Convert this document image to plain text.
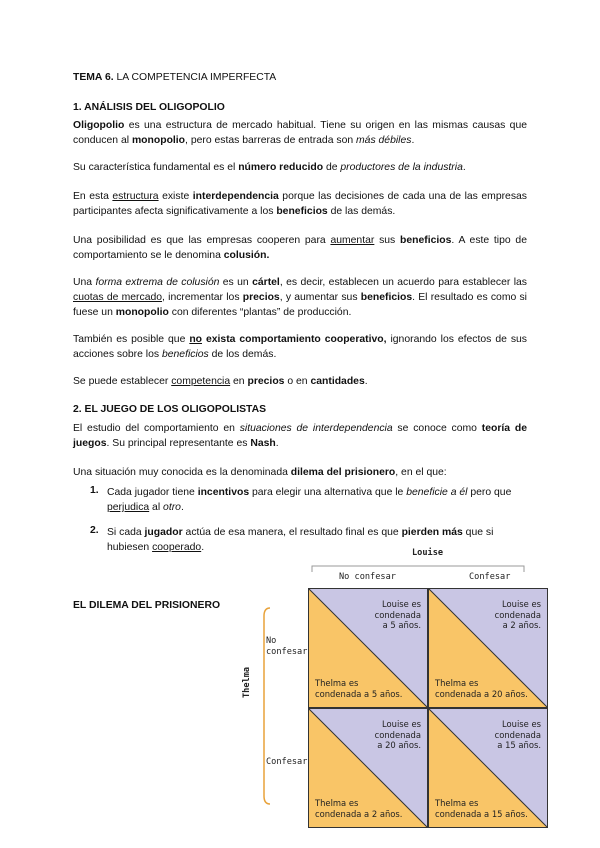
TEMA 6. LA COMPETENCIA IMPERFECTA

1. ANÁLISIS DEL OLIGOPOLIO

Oligopolio es una estructura de mercado habitual. Tiene su origen en las mismas causas que conducen al monopolio, pero estas barreras de entrada son más débiles.

Su característica fundamental es el número reducido de productores de la industria.

En esta estructura existe interdependencia porque las decisiones de cada una de las empresas participantes afecta significativamente a los beneficios de las demás.

Una posibilidad es que las empresas cooperen para aumentar sus beneficios. A este tipo de comportamiento se le denomina colusión.

Una forma extrema de colusión es un cártel, es decir, establecen un acuerdo para establecer las cuotas de mercado, incrementar los precios, y aumentar sus beneficios. El resultado es como si fuese un monopolio con diferentes “plantas” de producción.

También es posible que no exista comportamiento cooperativo, ignorando los efectos de sus acciones sobre los beneficios de los demás.

Se puede establecer competencia en precios o en cantidades.

2. EL JUEGO DE LOS OLIGOPOLISTAS

El estudio del comportamiento en situaciones de interdependencia se conoce como teoría de juegos. Su principal representante es Nash.

Una situación muy conocida es la denominada dilema del prisionero, en el que:

1. Cada jugador tiene incentivos para elegir una alternativa que le beneficie a él pero que perjudica al otro.

2. Si cada jugador actúa de esa manera, el resultado final es que pierden más que si hubiesen cooperado.

EL DILEMA DEL PRISIONERO

Louise
No confesar	Confesar
Thelma
No
confesar
Confesar
Louise es
condenada
a 5 años.
Thelma es
condenada a 5 años.
Louise es
condenada
a 2 años.
Thelma es
condenada a 20 años.
Louise es
condenada
a 20 años.
Thelma es
condenada a 2 años.
Louise es
condenada
a 15 años.
Thelma es
condenada a 15 años.
